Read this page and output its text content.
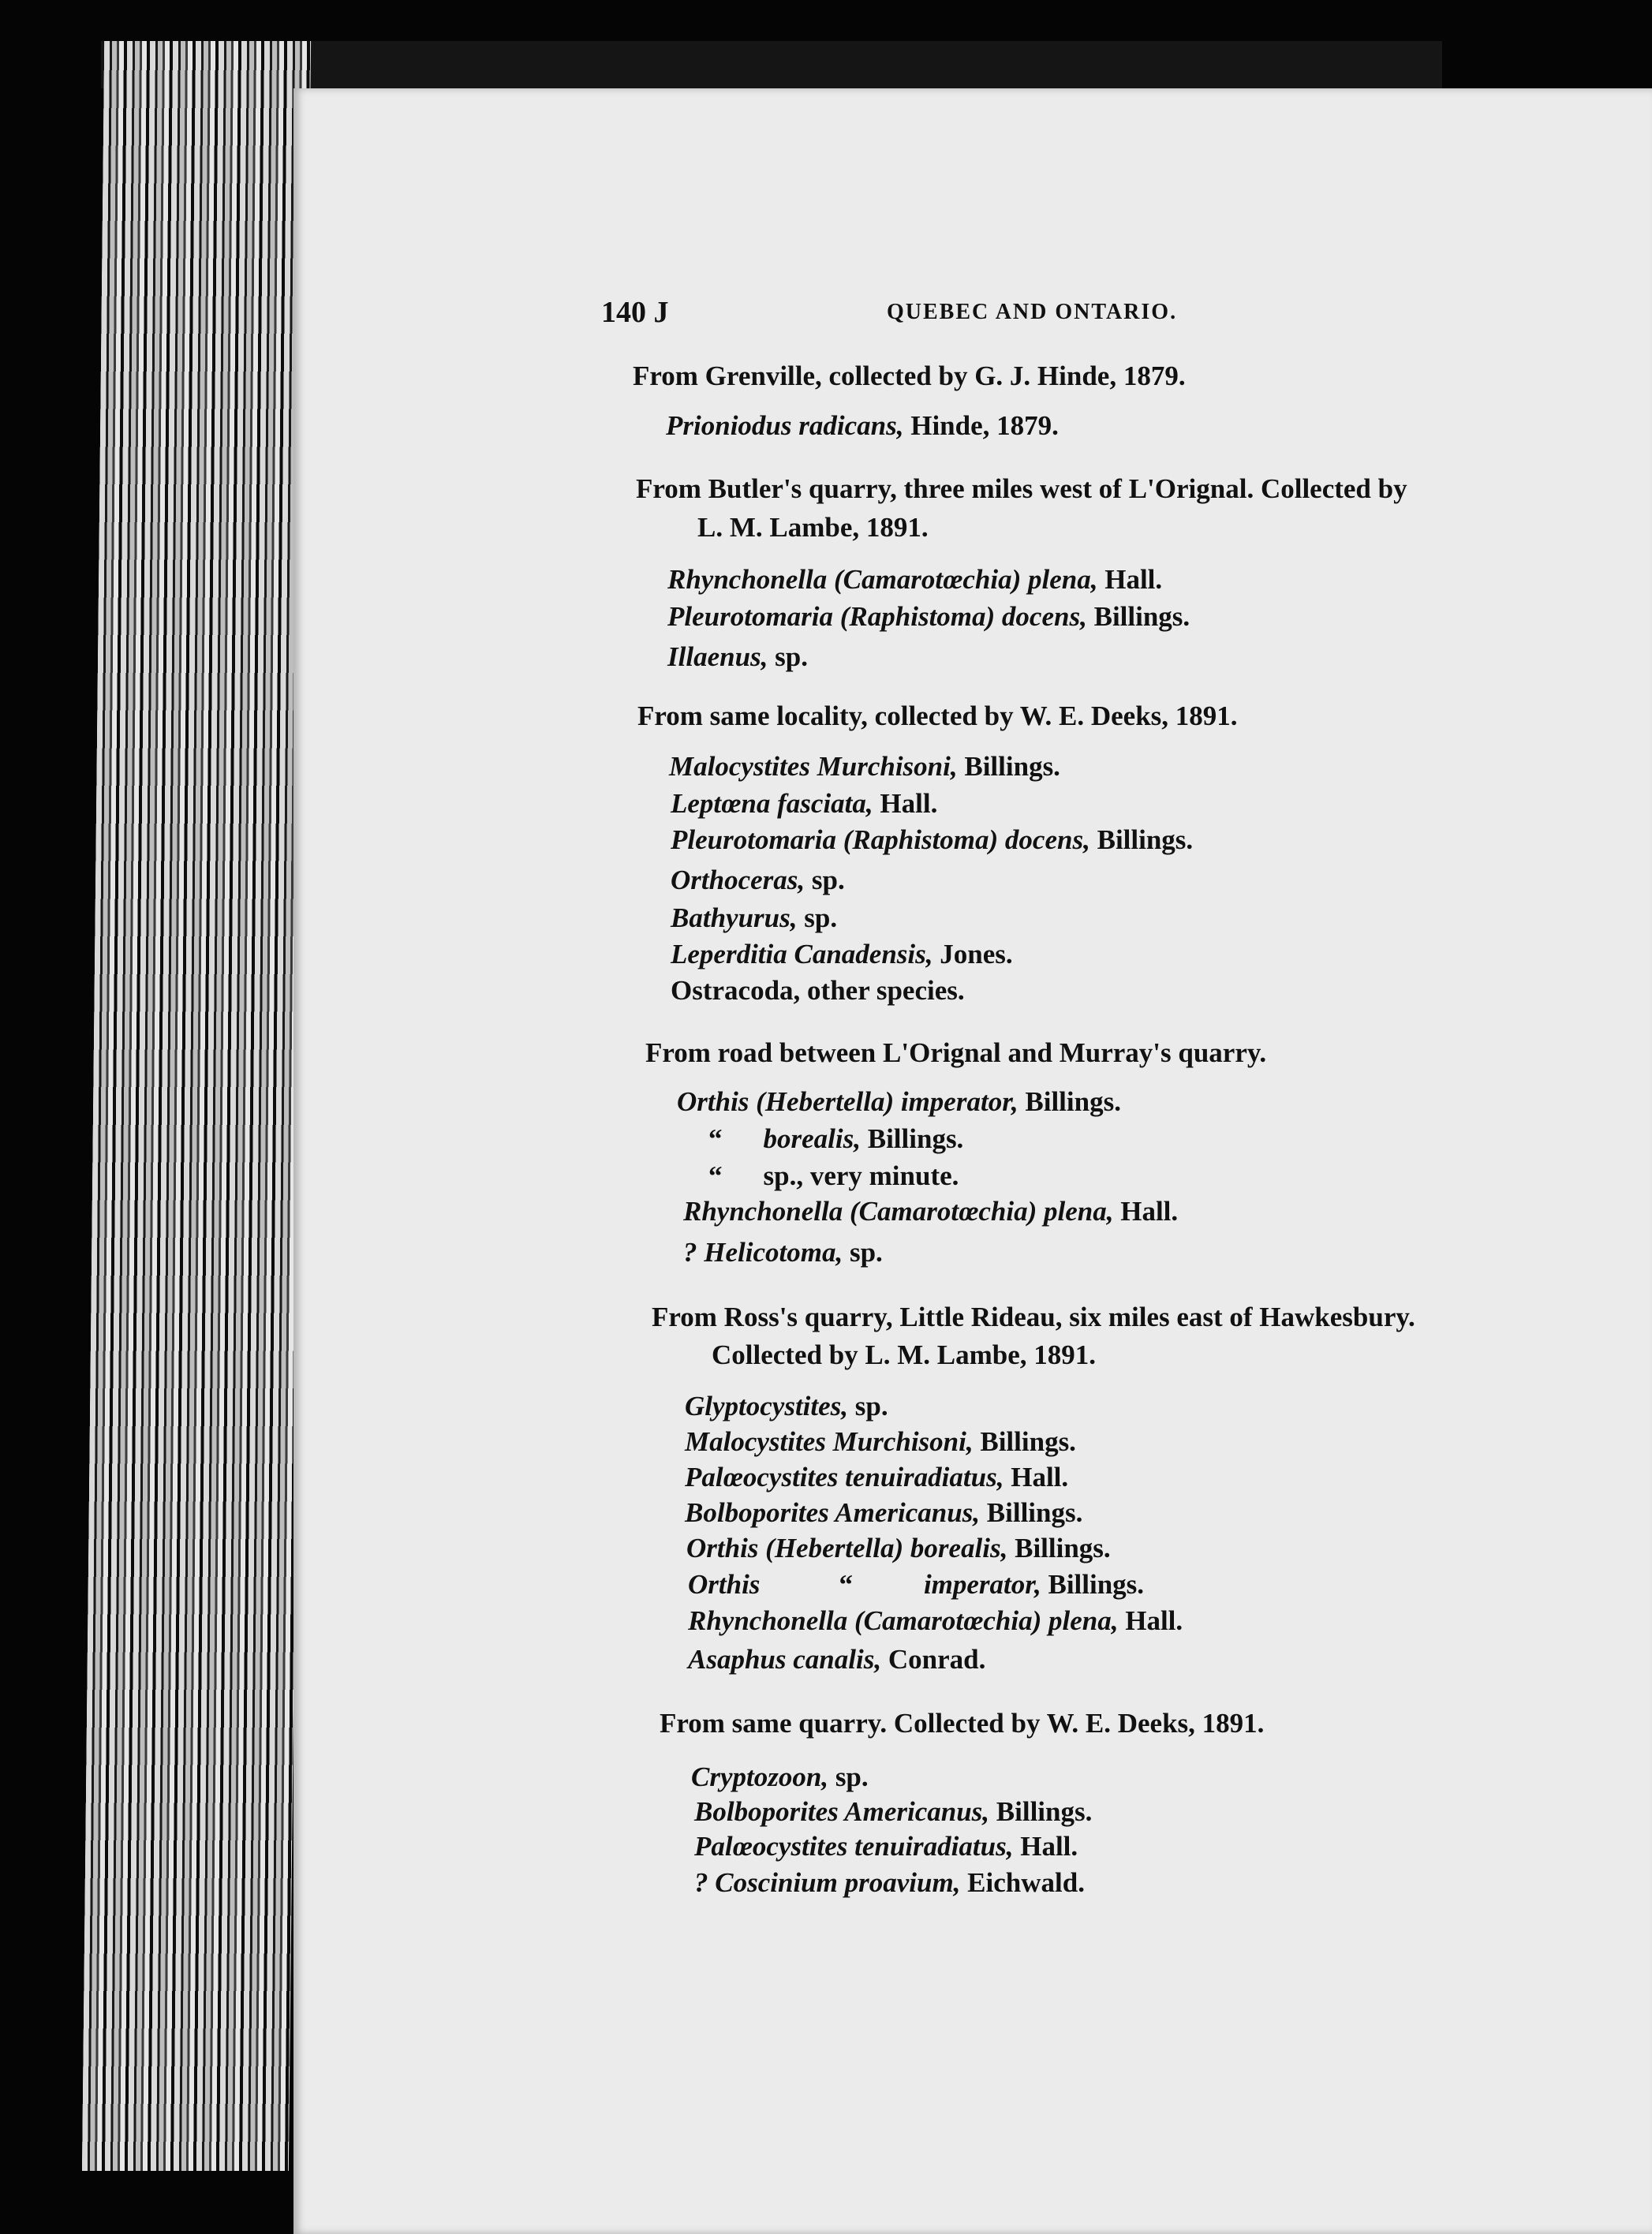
140 J	QUEBEC AND ONTARIO.
From Grenville, collected by G. J. Hinde, 1879.
Prioniodus radicans, Hinde, 1879.
From Butler's quarry, three miles west of L'Orignal. Collected by
L. M. Lambe, 1891.
Rhynchonella (Camarotœchia) plena, Hall.
Pleurotomaria (Raphistoma) docens, Billings.
Illaenus, sp.
From same locality, collected by W. E. Deeks, 1891.
Malocystites Murchisoni, Billings.
Leptœna fasciata, Hall.
Pleurotomaria (Raphistoma) docens, Billings.
Orthoceras, sp.
Bathyurus, sp.
Leperditia Canadensis, Jones.
Ostracoda, other species.
From road between L'Orignal and Murray's quarry.
Orthis (Hebertella) imperator, Billings.
“ borealis, Billings.
“ sp., very minute.
Rhynchonella (Camarotœchia) plena, Hall.
? Helicotoma, sp.
From Ross's quarry, Little Rideau, six miles east of Hawkesbury.
Collected by L. M. Lambe, 1891.
Glyptocystites, sp.
Malocystites Murchisoni, Billings.
Palœocystites tenuiradiatus, Hall.
Bolboporites Americanus, Billings.
Orthis (Hebertella) borealis, Billings.
Orthis	“	imperator, Billings.
Rhynchonella (Camarotœchia) plena, Hall.
Asaphus canalis, Conrad.
From same quarry. Collected by W. E. Deeks, 1891.
Cryptozoon, sp.
Bolboporites Americanus, Billings.
Palœocystites tenuiradiatus, Hall.
? Coscinium proavium, Eichwald.
